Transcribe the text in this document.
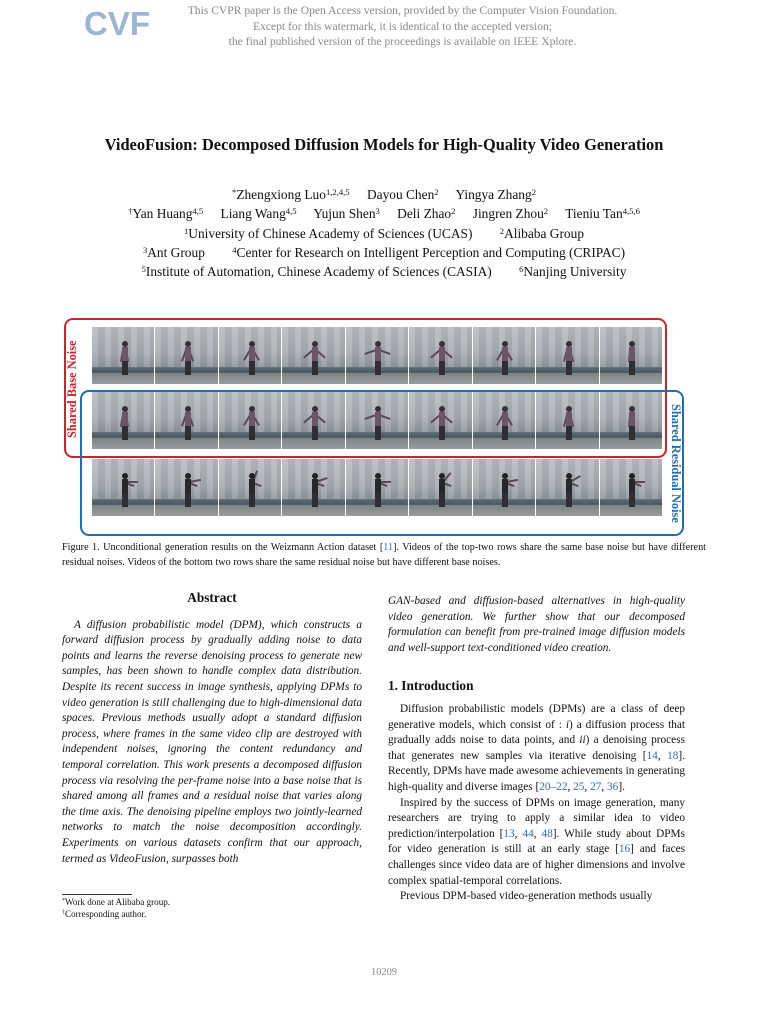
CVF	This CVPR paper is the Open Access version, provided by the Computer Vision Foundation.
Except for this watermark, it is identical to the accepted version;
the final published version of the proceedings is available on IEEE Xplore.
VideoFusion: Decomposed Diffusion Models for High-Quality Video Generation
*Zhengxiong Luo$^{1,2,4,5}$ Dayou Chen$^2$ Yingya Zhang$^2$
†Yan Huang$^{4,5}$ Liang Wang$^{4,5}$ Yujun Shen$^3$ Deli Zhao$^2$ Jingren Zhou$^2$ Tieniu Tan$^{4,5,6}$
$^1$University of Chinese Academy of Sciences (UCAS)	$^2$Alibaba Group
$^3$Ant Group	$^4$Center for Research on Intelligent Perception and Computing (CRIPAC)
$^5$Institute of Automation, Chinese Academy of Sciences (CASIA)	$^6$Nanjing University
Shared Base Noise
Shared Residual Noise
Figure 1. Unconditional generation results on the Weizmann Action dataset [11]. Videos of the top-two rows share the same base noise but have different residual noises. Videos of the bottom two rows share the same residual noise but have different base noises.
Abstract

A diffusion probabilistic model (DPM), which constructs a forward diffusion process by gradually adding noise to data points and learns the reverse denoising process to generate new samples, has been shown to handle complex data distribution. Despite its recent success in image synthesis, applying DPMs to video generation is still challenging due to high-dimensional data spaces. Previous methods usually adopt a standard diffusion process, where frames in the same video clip are destroyed with independent noises, ignoring the content redundancy and temporal correlation. This work presents a decomposed diffusion process via resolving the per-frame noise into a base noise that is shared among all frames and a residual noise that varies along the time axis. The denoising pipeline employs two jointly-learned networks to match the noise decomposition accordingly. Experiments on various datasets confirm that our approach, termed as VideoFusion, surpasses both

GAN-based and diffusion-based alternatives in high-quality video generation. We further show that our decomposed formulation can benefit from pre-trained image diffusion models and well-support text-conditioned video creation.
1. Introduction

Diffusion probabilistic models (DPMs) are a class of deep generative models, which consist of : i) a diffusion process that gradually adds noise to data points, and ii) a denoising process that generates new samples via iterative denoising [14, 18]. Recently, DPMs have made awesome achievements in generating high-quality and diverse images [20–22, 25, 27, 36].

Inspired by the success of DPMs on image generation, many researchers are trying to apply a similar idea to video prediction/interpolation [13, 44, 48]. While study about DPMs for video generation is still at an early stage [16] and faces challenges since video data are of higher dimensions and involve complex spatial-temporal correlations.

Previous DPM-based video-generation methods usually

*Work done at Alibaba group.
†Corresponding author.
10209
